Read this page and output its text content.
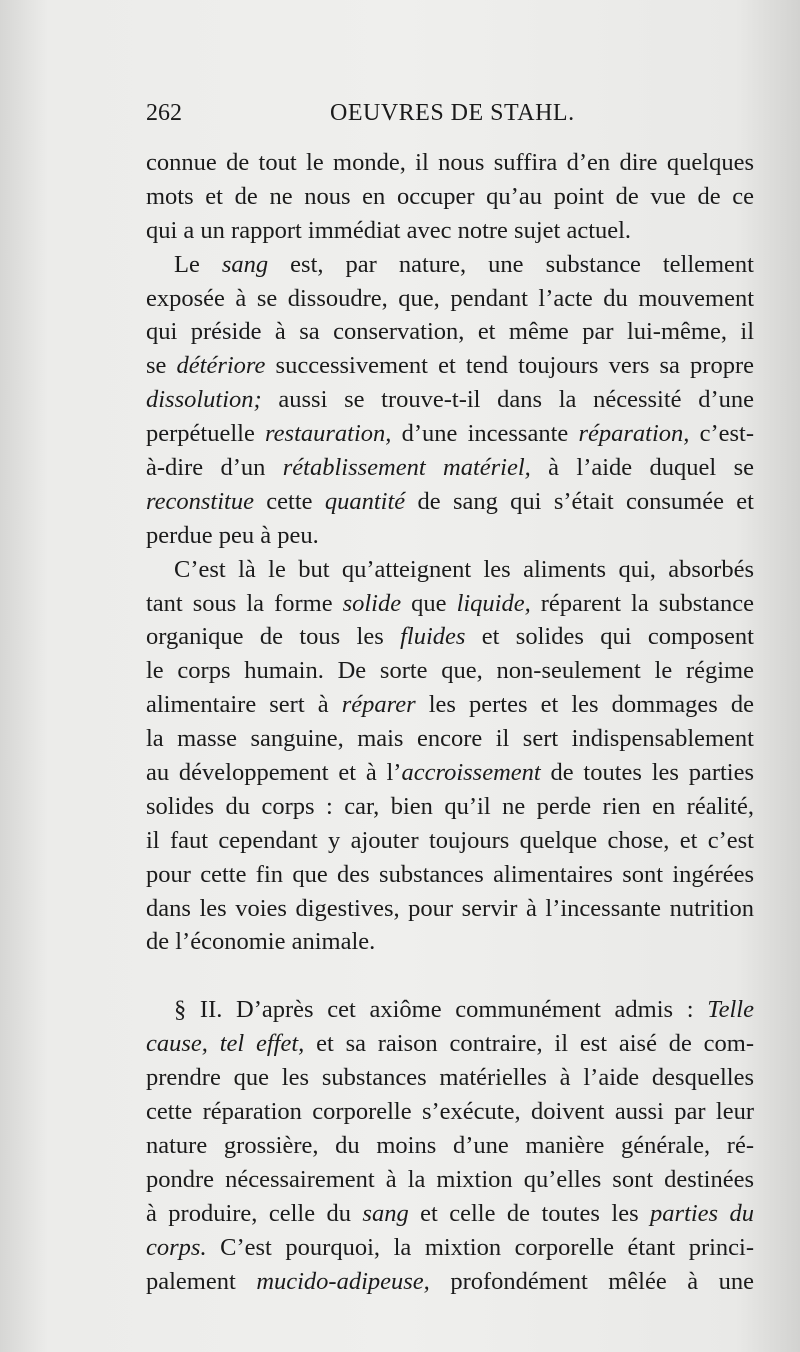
262	OEUVRES DE STAHL.
connue de tout le monde, il nous suffira d’en dire quelques
mots et de ne nous en occuper qu’au point de vue de ce
qui a un rapport immédiat avec notre sujet actuel.
Le sang est, par nature, une substance tellement
exposée à se dissoudre, que, pendant l’acte du mouvement
qui préside à sa conservation, et même par lui-même, il
se détériore successivement et tend toujours vers sa propre
dissolution; aussi se trouve-t-il dans la nécessité d’une
perpétuelle restauration, d’une incessante réparation, c’est-
à-dire d’un rétablissement matériel, à l’aide duquel se
reconstitue cette quantité de sang qui s’était consumée et
perdue peu à peu.
C’est là le but qu’atteignent les aliments qui, absorbés
tant sous la forme solide que liquide, réparent la substance
organique de tous les fluides et solides qui composent
le corps humain. De sorte que, non-seulement le régime
alimentaire sert à réparer les pertes et les dommages de
la masse sanguine, mais encore il sert indispensablement
au développement et à l’accroissement de toutes les parties
solides du corps : car, bien qu’il ne perde rien en réalité,
il faut cependant y ajouter toujours quelque chose, et c’est
pour cette fin que des substances alimentaires sont ingérées
dans les voies digestives, pour servir à l’incessante nutrition
de l’économie animale.
§ II. D’après cet axiôme communément admis : Telle
cause, tel effet, et sa raison contraire, il est aisé de com-
prendre que les substances matérielles à l’aide desquelles
cette réparation corporelle s’exécute, doivent aussi par leur
nature grossière, du moins d’une manière générale, ré-
pondre nécessairement à la mixtion qu’elles sont destinées
à produire, celle du sang et celle de toutes les parties du
corps. C’est pourquoi, la mixtion corporelle étant princi-
palement mucido-adipeuse, profondément mêlée à une
